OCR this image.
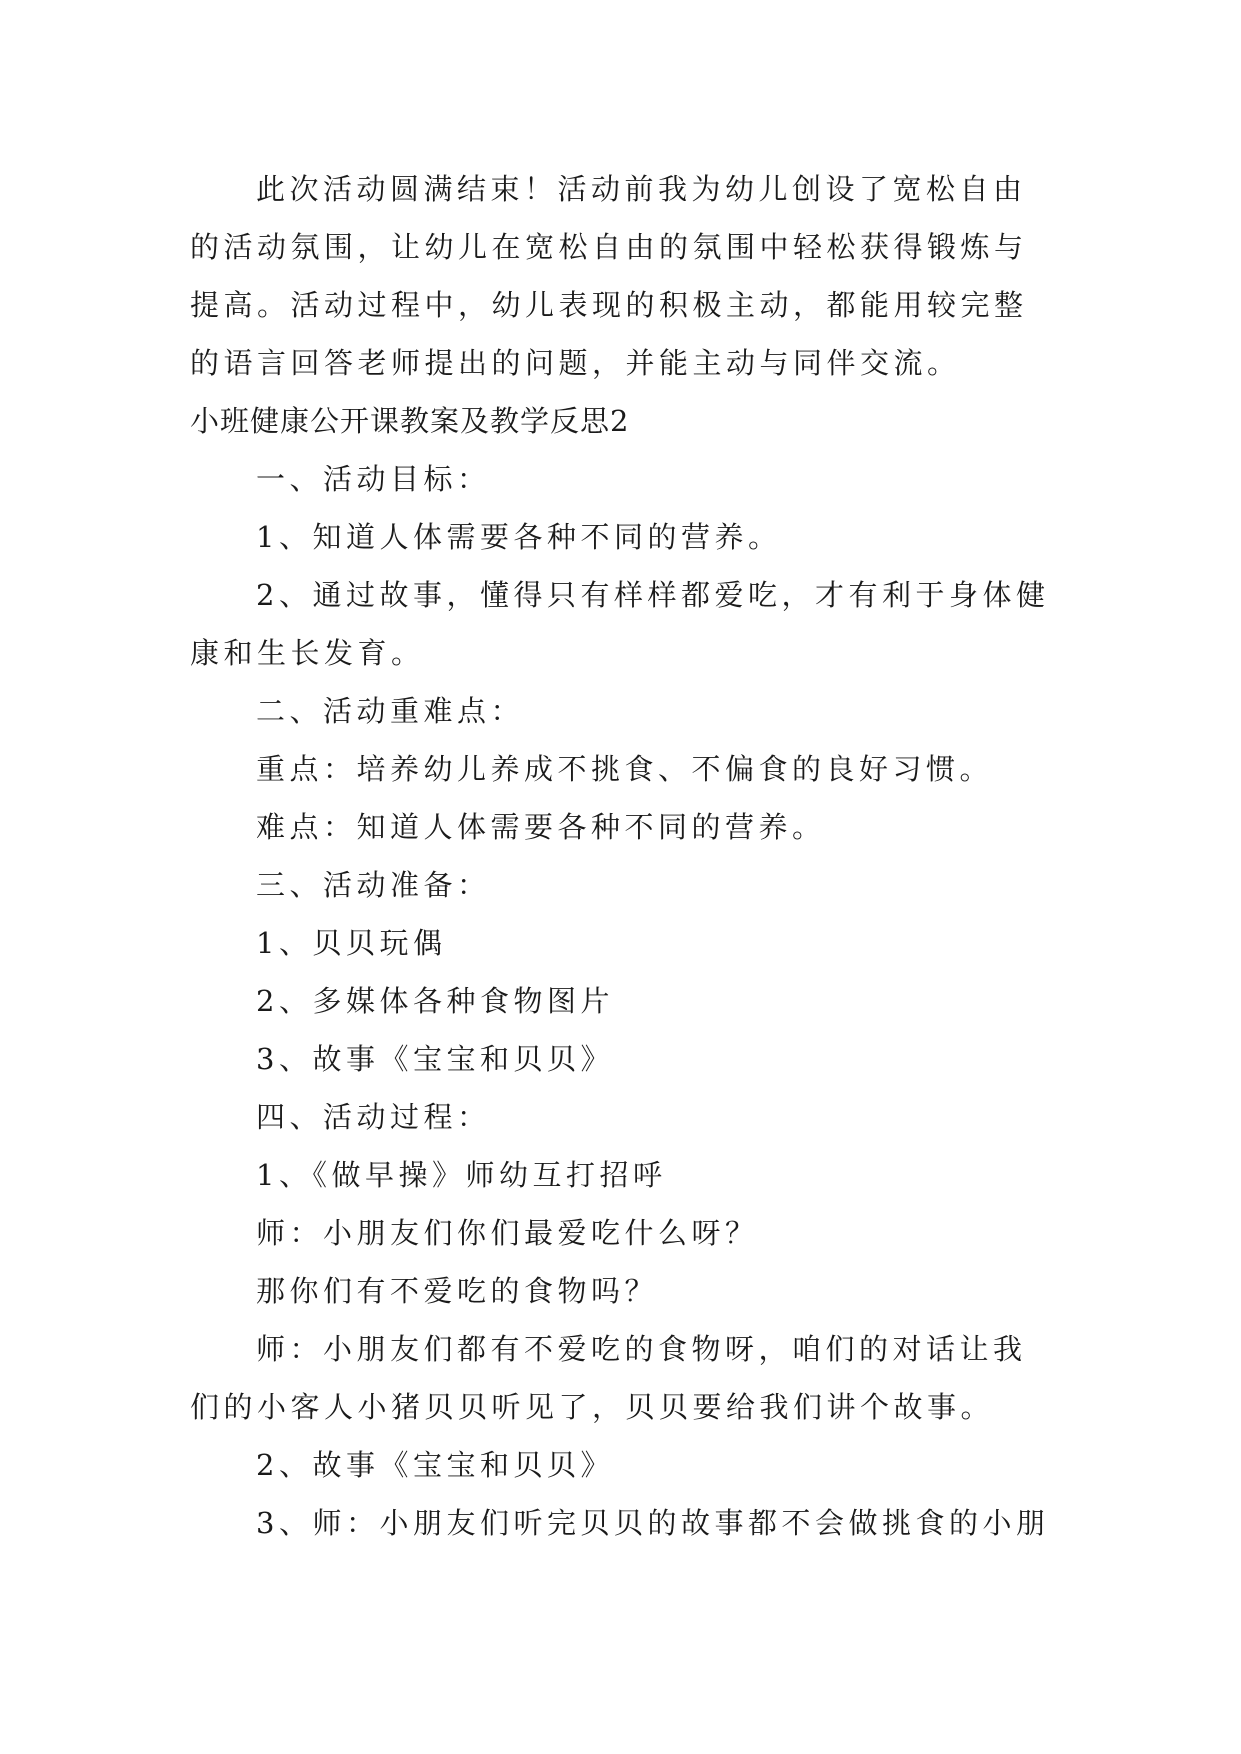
此次活动圆满结束！活动前我为幼儿创设了宽松自由的活动氛围，让幼儿在宽松自由的氛围中轻松获得锻炼与提高。活动过程中，幼儿表现的积极主动，都能用较完整的语言回答老师提出的问题，并能主动与同伴交流。

小班健康公开课教案及教学反思2

一、活动目标：

1、知道人体需要各种不同的营养。

2、通过故事，懂得只有样样都爱吃，才有利于身体健康和生长发育。

二、活动重难点：

重点：培养幼儿养成不挑食、不偏食的良好习惯。

难点：知道人体需要各种不同的营养。

三、活动准备：

1、贝贝玩偶

2、多媒体各种食物图片

3、故事《宝宝和贝贝》

四、活动过程：

1、《做早操》师幼互打招呼

师：小朋友们你们最爱吃什么呀？

那你们有不爱吃的食物吗？

师：小朋友们都有不爱吃的食物呀，咱们的对话让我们的小客人小猪贝贝听见了，贝贝要给我们讲个故事。

2、故事《宝宝和贝贝》

3、师：小朋友们听完贝贝的故事都不会做挑食的小朋
